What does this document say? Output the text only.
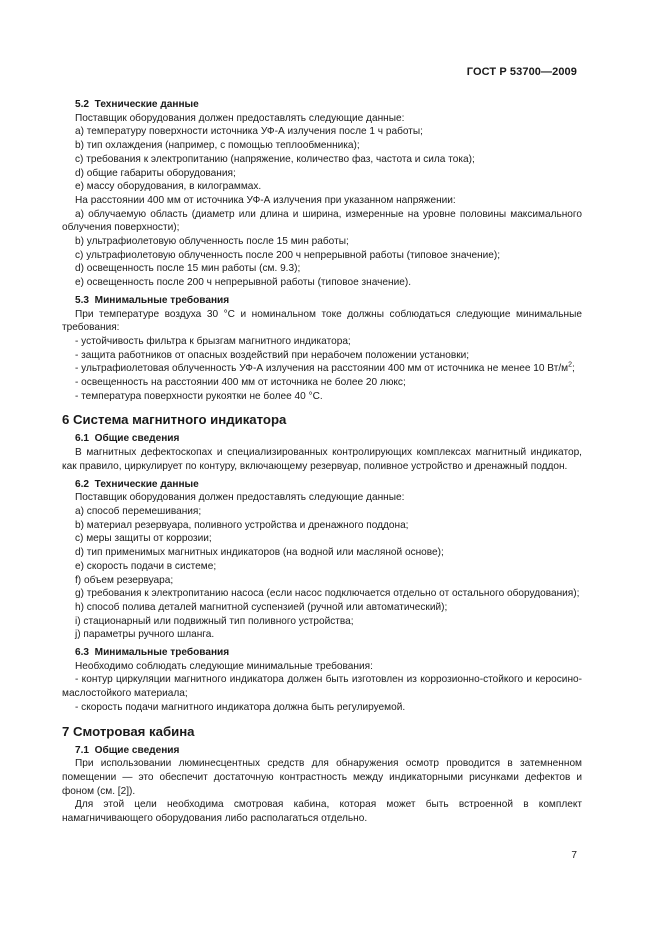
ГОСТ Р 53700—2009

5.2 Технические данные

Поставщик оборудования должен предоставлять следующие данные:

a) температуру поверхности источника УФ-А излучения после 1 ч работы;

b) тип охлаждения (например, с помощью теплообменника);

c) требования к электропитанию (напряжение, количество фаз, частота и сила тока);

d) общие габариты оборудования;

e) массу оборудования, в килограммах.

На расстоянии 400 мм от источника УФ-А излучения при указанном напряжении:

a) облучаемую область (диаметр или длина и ширина, измеренные на уровне половины максимального облучения поверхности);

b) ультрафиолетовую облученность после 15 мин работы;

c) ультрафиолетовую облученность после 200 ч непрерывной работы (типовое значение);

d) освещенность после 15 мин работы (см. 9.3);

e) освещенность после 200 ч непрерывной работы (типовое значение).

5.3 Минимальные требования

При температуре воздуха 30 °С и номинальном токе должны соблюдаться следующие минимальные требования:

- устойчивость фильтра к брызгам магнитного индикатора;

- защита работников от опасных воздействий при нерабочем положении установки;

- ультрафиолетовая облученность УФ-А излучения на расстоянии 400 мм от источника не менее 10 $Вт/м^2$;

- освещенность на расстоянии 400 мм от источника не более 20 люкс;

- температура поверхности рукоятки не более 40 °С.

6 Система магнитного индикатора

6.1 Общие сведения

В магнитных дефектоскопах и специализированных контролирующих комплексах магнитный индикатор, как правило, циркулирует по контуру, включающему резервуар, поливное устройство и дренажный поддон.

6.2 Технические данные

Поставщик оборудования должен предоставлять следующие данные:

a) способ перемешивания;

b) материал резервуара, поливного устройства и дренажного поддона;

c) меры защиты от коррозии;

d) тип применимых магнитных индикаторов (на водной или масляной основе);

e) скорость подачи в системе;

f) объем резервуара;

g) требования к электропитанию насоса (если насос подключается отдельно от остального оборудования);

h) способ полива деталей магнитной суспензией (ручной или автоматический);

i) стационарный или подвижный тип поливного устройства;

j) параметры ручного шланга.

6.3 Минимальные требования

Необходимо соблюдать следующие минимальные требования:

- контур циркуляции магнитного индикатора должен быть изготовлен из коррозионно-стойкого и керосино-маслостойкого материала;

- скорость подачи магнитного индикатора должна быть регулируемой.

7 Смотровая кабина

7.1 Общие сведения

При использовании люминесцентных средств для обнаружения осмотр проводится в затемненном помещении — это обеспечит достаточную контрастность между индикаторными рисунками дефектов и фоном (см. [2]).

Для этой цели необходима смотровая кабина, которая может быть встроенной в комплект намагничивающего оборудования либо располагаться отдельно.

7
